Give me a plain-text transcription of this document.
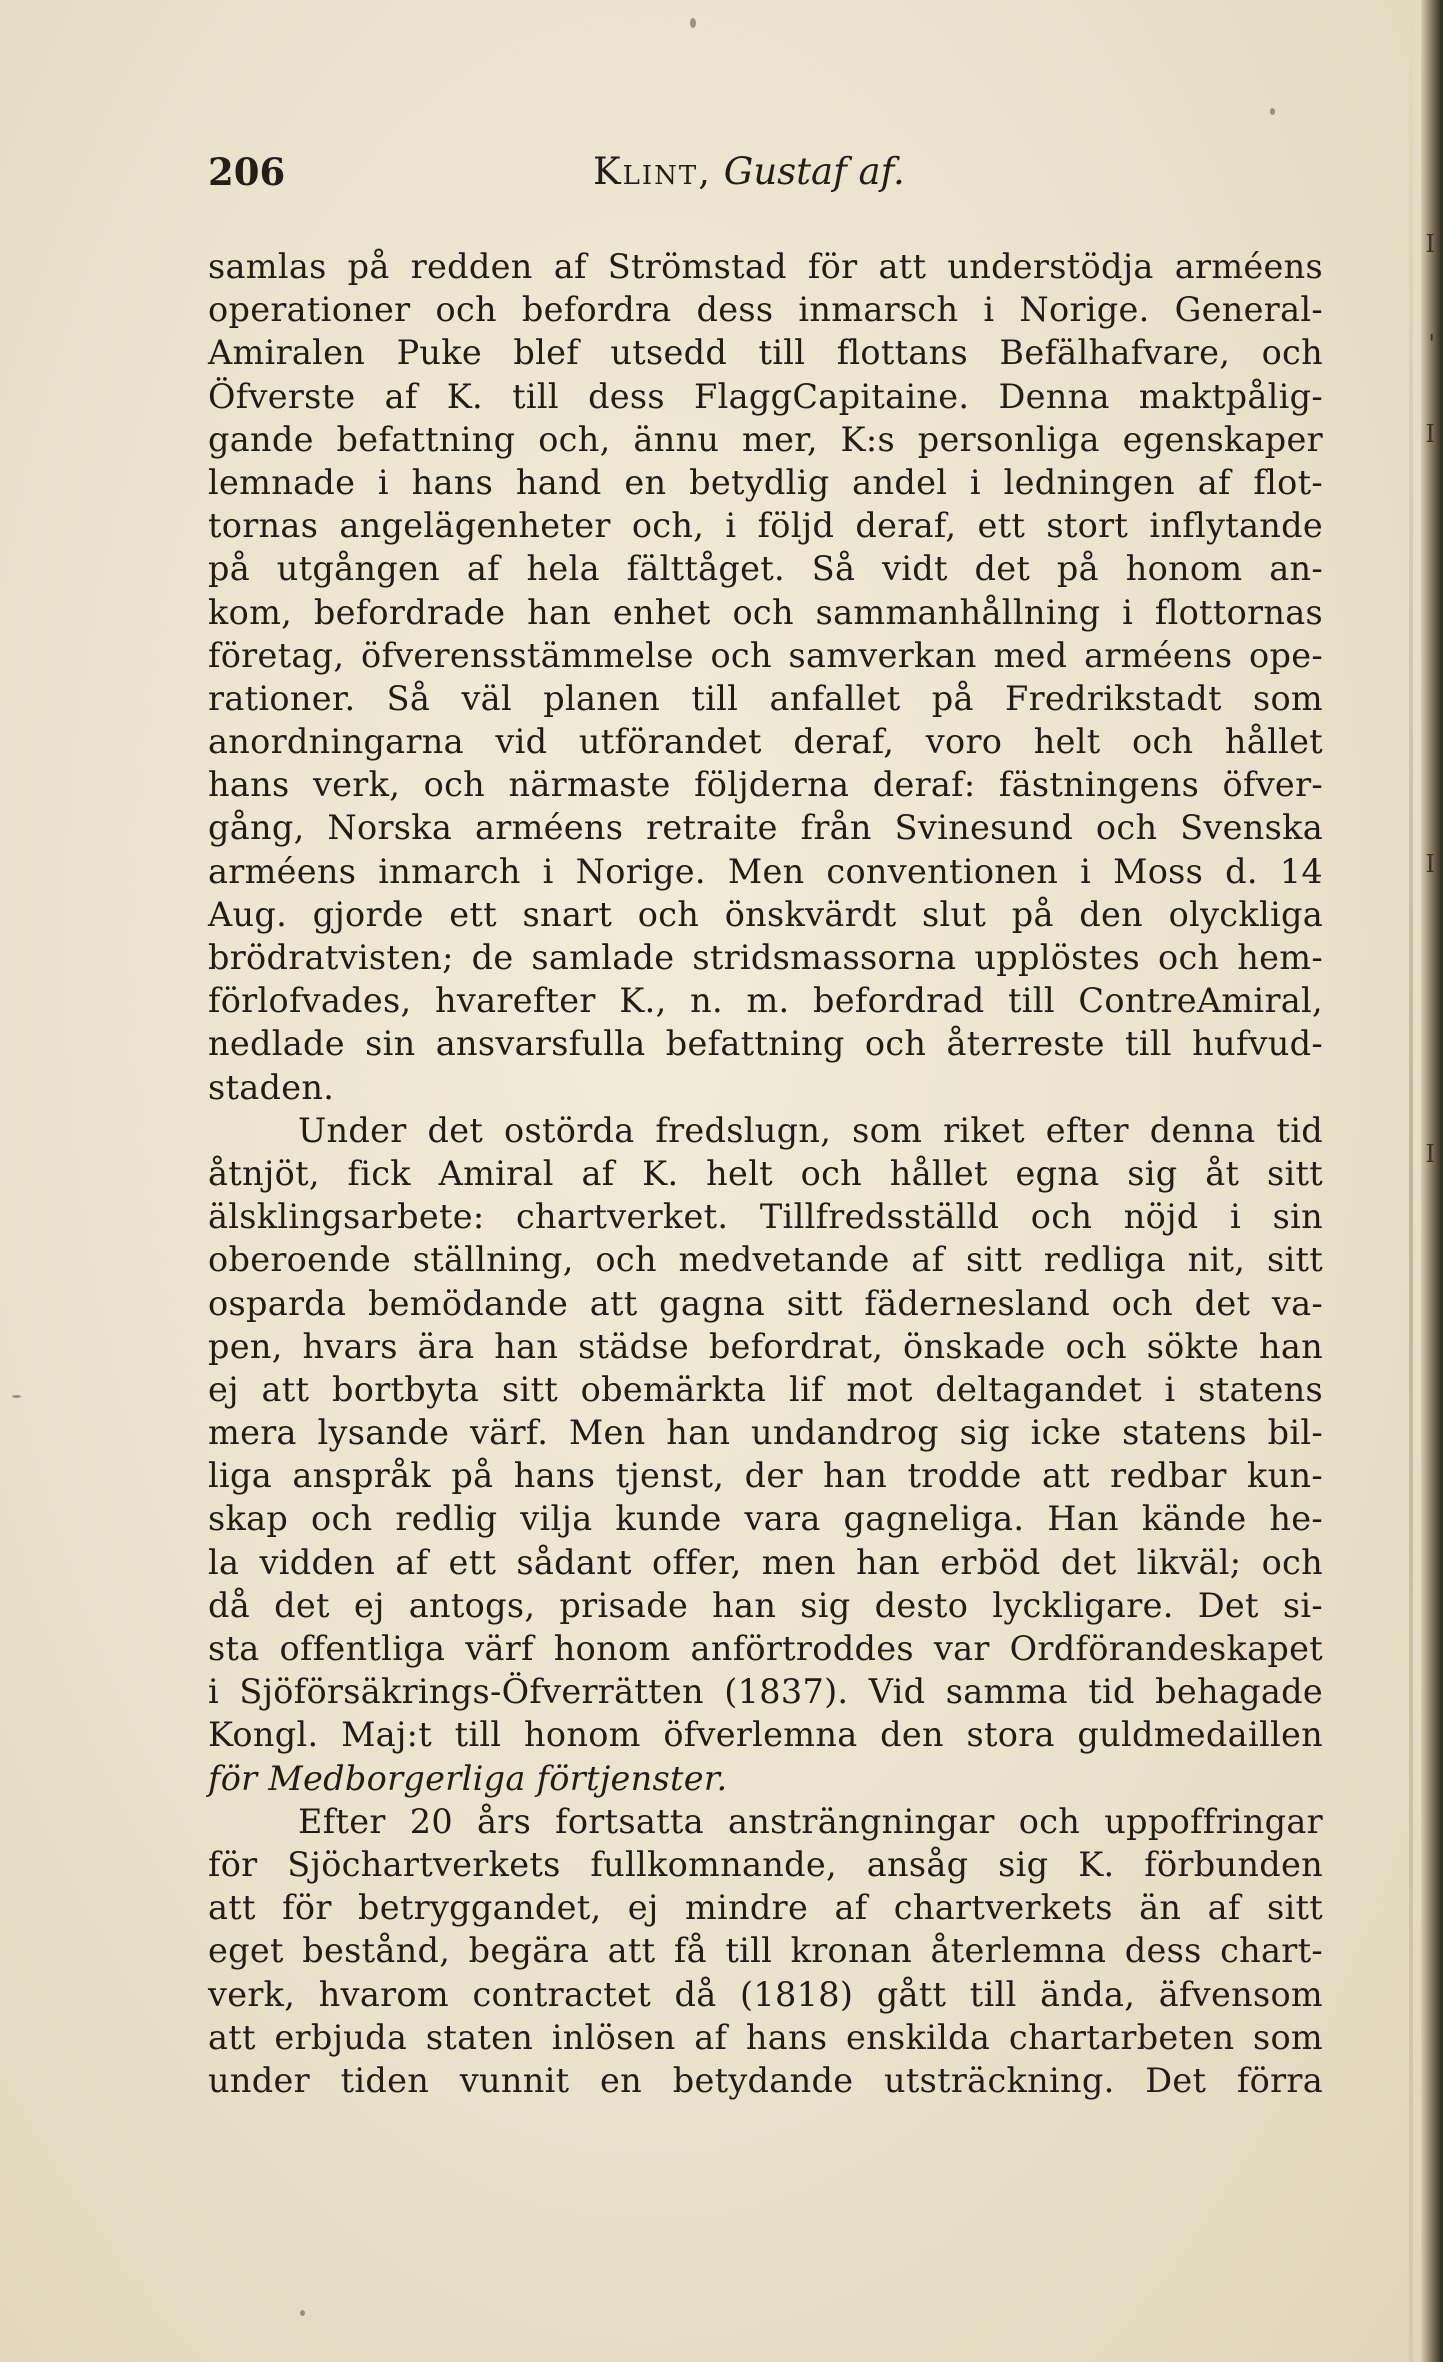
I
'
I
I
I
206	Klint, Gustaf af.
samlas på redden af Strömstad för att understödja arméens
operationer och befordra dess inmarsch i Norige. General-
Amiralen Puke blef utsedd till flottans Befälhafvare, och
Öfverste af K. till dess FlaggCapitaine. Denna maktpålig-
gande befattning och, ännu mer, K:s personliga egenskaper
lemnade i hans hand en betydlig andel i ledningen af flot-
tornas angelägenheter och, i följd deraf, ett stort inflytande
på utgången af hela fälttåget. Så vidt det på honom an-
kom, befordrade han enhet och sammanhållning i flottornas
företag, öfverensstämmelse och samverkan med arméens ope-
rationer. Så väl planen till anfallet på Fredrikstadt som
anordningarna vid utförandet deraf, voro helt och hållet
hans verk, och närmaste följderna deraf: fästningens öfver-
gång, Norska arméens retraite från Svinesund och Svenska
arméens inmarch i Norige. Men conventionen i Moss d. 14
Aug. gjorde ett snart och önskvärdt slut på den olyckliga
brödratvisten; de samlade stridsmassorna upplöstes och hem-
förlofvades, hvarefter K., n. m. befordrad till ContreAmiral,
nedlade sin ansvarsfulla befattning och återreste till hufvud-
staden.
Under det ostörda fredslugn, som riket efter denna tid
åtnjöt, fick Amiral af K. helt och hållet egna sig åt sitt
älsklingsarbete: chartverket. Tillfredsställd och nöjd i sin
oberoende ställning, och medvetande af sitt redliga nit, sitt
osparda bemödande att gagna sitt fädernesland och det va-
pen, hvars ära han städse befordrat, önskade och sökte han
ej att bortbyta sitt obemärkta lif mot deltagandet i statens
mera lysande värf. Men han undandrog sig icke statens bil-
liga anspråk på hans tjenst, der han trodde att redbar kun-
skap och redlig vilja kunde vara gagneliga. Han kände he-
la vidden af ett sådant offer, men han erböd det likväl; och
då det ej antogs, prisade han sig desto lyckligare. Det si-
sta offentliga värf honom anförtroddes var Ordförandeskapet
i Sjöförsäkrings-Öfverrätten (1837). Vid samma tid behagade
Kongl. Maj:t till honom öfverlemna den stora guldmedaillen
för Medborgerliga förtjenster.
Efter 20 års fortsatta ansträngningar och uppoffringar
för Sjöchartverkets fullkomnande, ansåg sig K. förbunden
att för betryggandet, ej mindre af chartverkets än af sitt
eget bestånd, begära att få till kronan återlemna dess chart-
verk, hvarom contractet då (1818) gått till ända, äfvensom
att erbjuda staten inlösen af hans enskilda chartarbeten som
under tiden vunnit en betydande utsträckning. Det förra
